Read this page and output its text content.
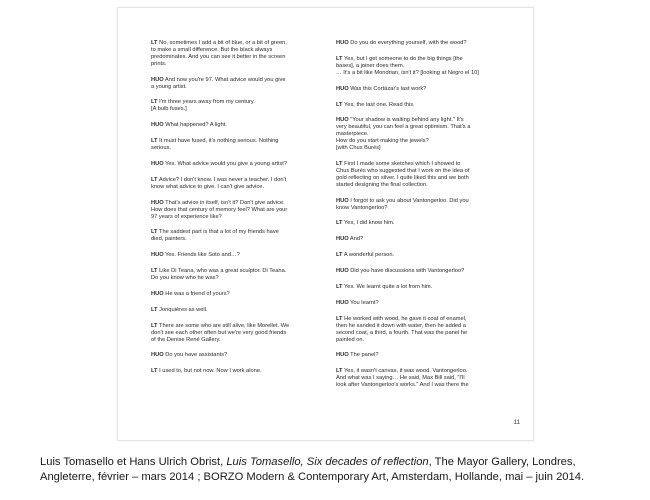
LT No, sometimes I add a bit of blue, or a bit of green,
to make a small difference. But the black always
predominates. And you can see it better in the screen
prints.
HUO And now you're 97. What advice would you give
a young artist.
LT I'm three years away from my century.
[A bulb fuses.]
HUO What happened? A light.
LT It must have fused, it's nothing serious. Nothing
serious.
HUO Yes. What advice would you give a young artist?
LT Advice? I don't know. I was never a teacher. I don't
know what advice to give. I can't give advice.
HUO That's advice in itself, isn't it? Don't give advice.
How does that century of memory feel? What are your
97 years of experience like?
LT The saddest part is that a lot of my friends have
died, painters.
HUO Yes. Friends like Soto and…?
LT Like Di Teana, who was a great sculptor. Di Teana.
Do you know who he was?
HUO He was a friend of yours?
LT Jonquières as well.
LT There are some who are still alive, like Morellet. We
don't see each other often but we're very good friends
of the Denise René Gallery.
HUO Do you have assistants?
LT I used to, but not now. Now I work alone.
HUO Do you do everything yourself, with the wood?
LT Yes, but I get someone to do the big things [the
bases], a joiner does them.
… It's a bit like Mondrian, isn't it? [looking at Negro el 10]
HUO Was this Cortázar's last work?
LT Yes, the last one. Read this.
HUO "Your shadow is waiting behind any light." It's
very beautiful, you can feel a great optimism. That's a
masterpiece.
How do you start making the jewels?
[with Chus Burés]
LT First I made some sketches which I showed to
Chus Burés who suggested that I work on the idea of
gold reflecting on silver. I quite liked this and we both
started designing the final collection.
HUO I forgot to ask you about Vantongerloo. Did you
know Vantongerloo?
LT Yes, I did know him.
HUO And?
LT A wonderful person.
HUO Did you have discussions with Vantongerloo?
LT Yes. We learnt quite a lot from him.
HUO You learnt?
LT He worked with wood, he gave it coat of enamel,
then he sanded it down with water, then he added a
second coat, a third, a fourth. That was the panel he
painted on.
HUO The panel?
LT Yes, it wasn't canvas, it was wood. Vantongerloo.
And what was I saying… He said, Max Bill said, "I'll
look after Vantongerloo's works." And I was there the
11
Luis Tomasello et Hans Ulrich Obrist, Luis Tomasello, Six decades of reflection, The Mayor Gallery, Londres,
Angleterre, février – mars 2014 ; BORZO Modern & Contemporary Art, Amsterdam, Hollande, mai – juin 2014.
